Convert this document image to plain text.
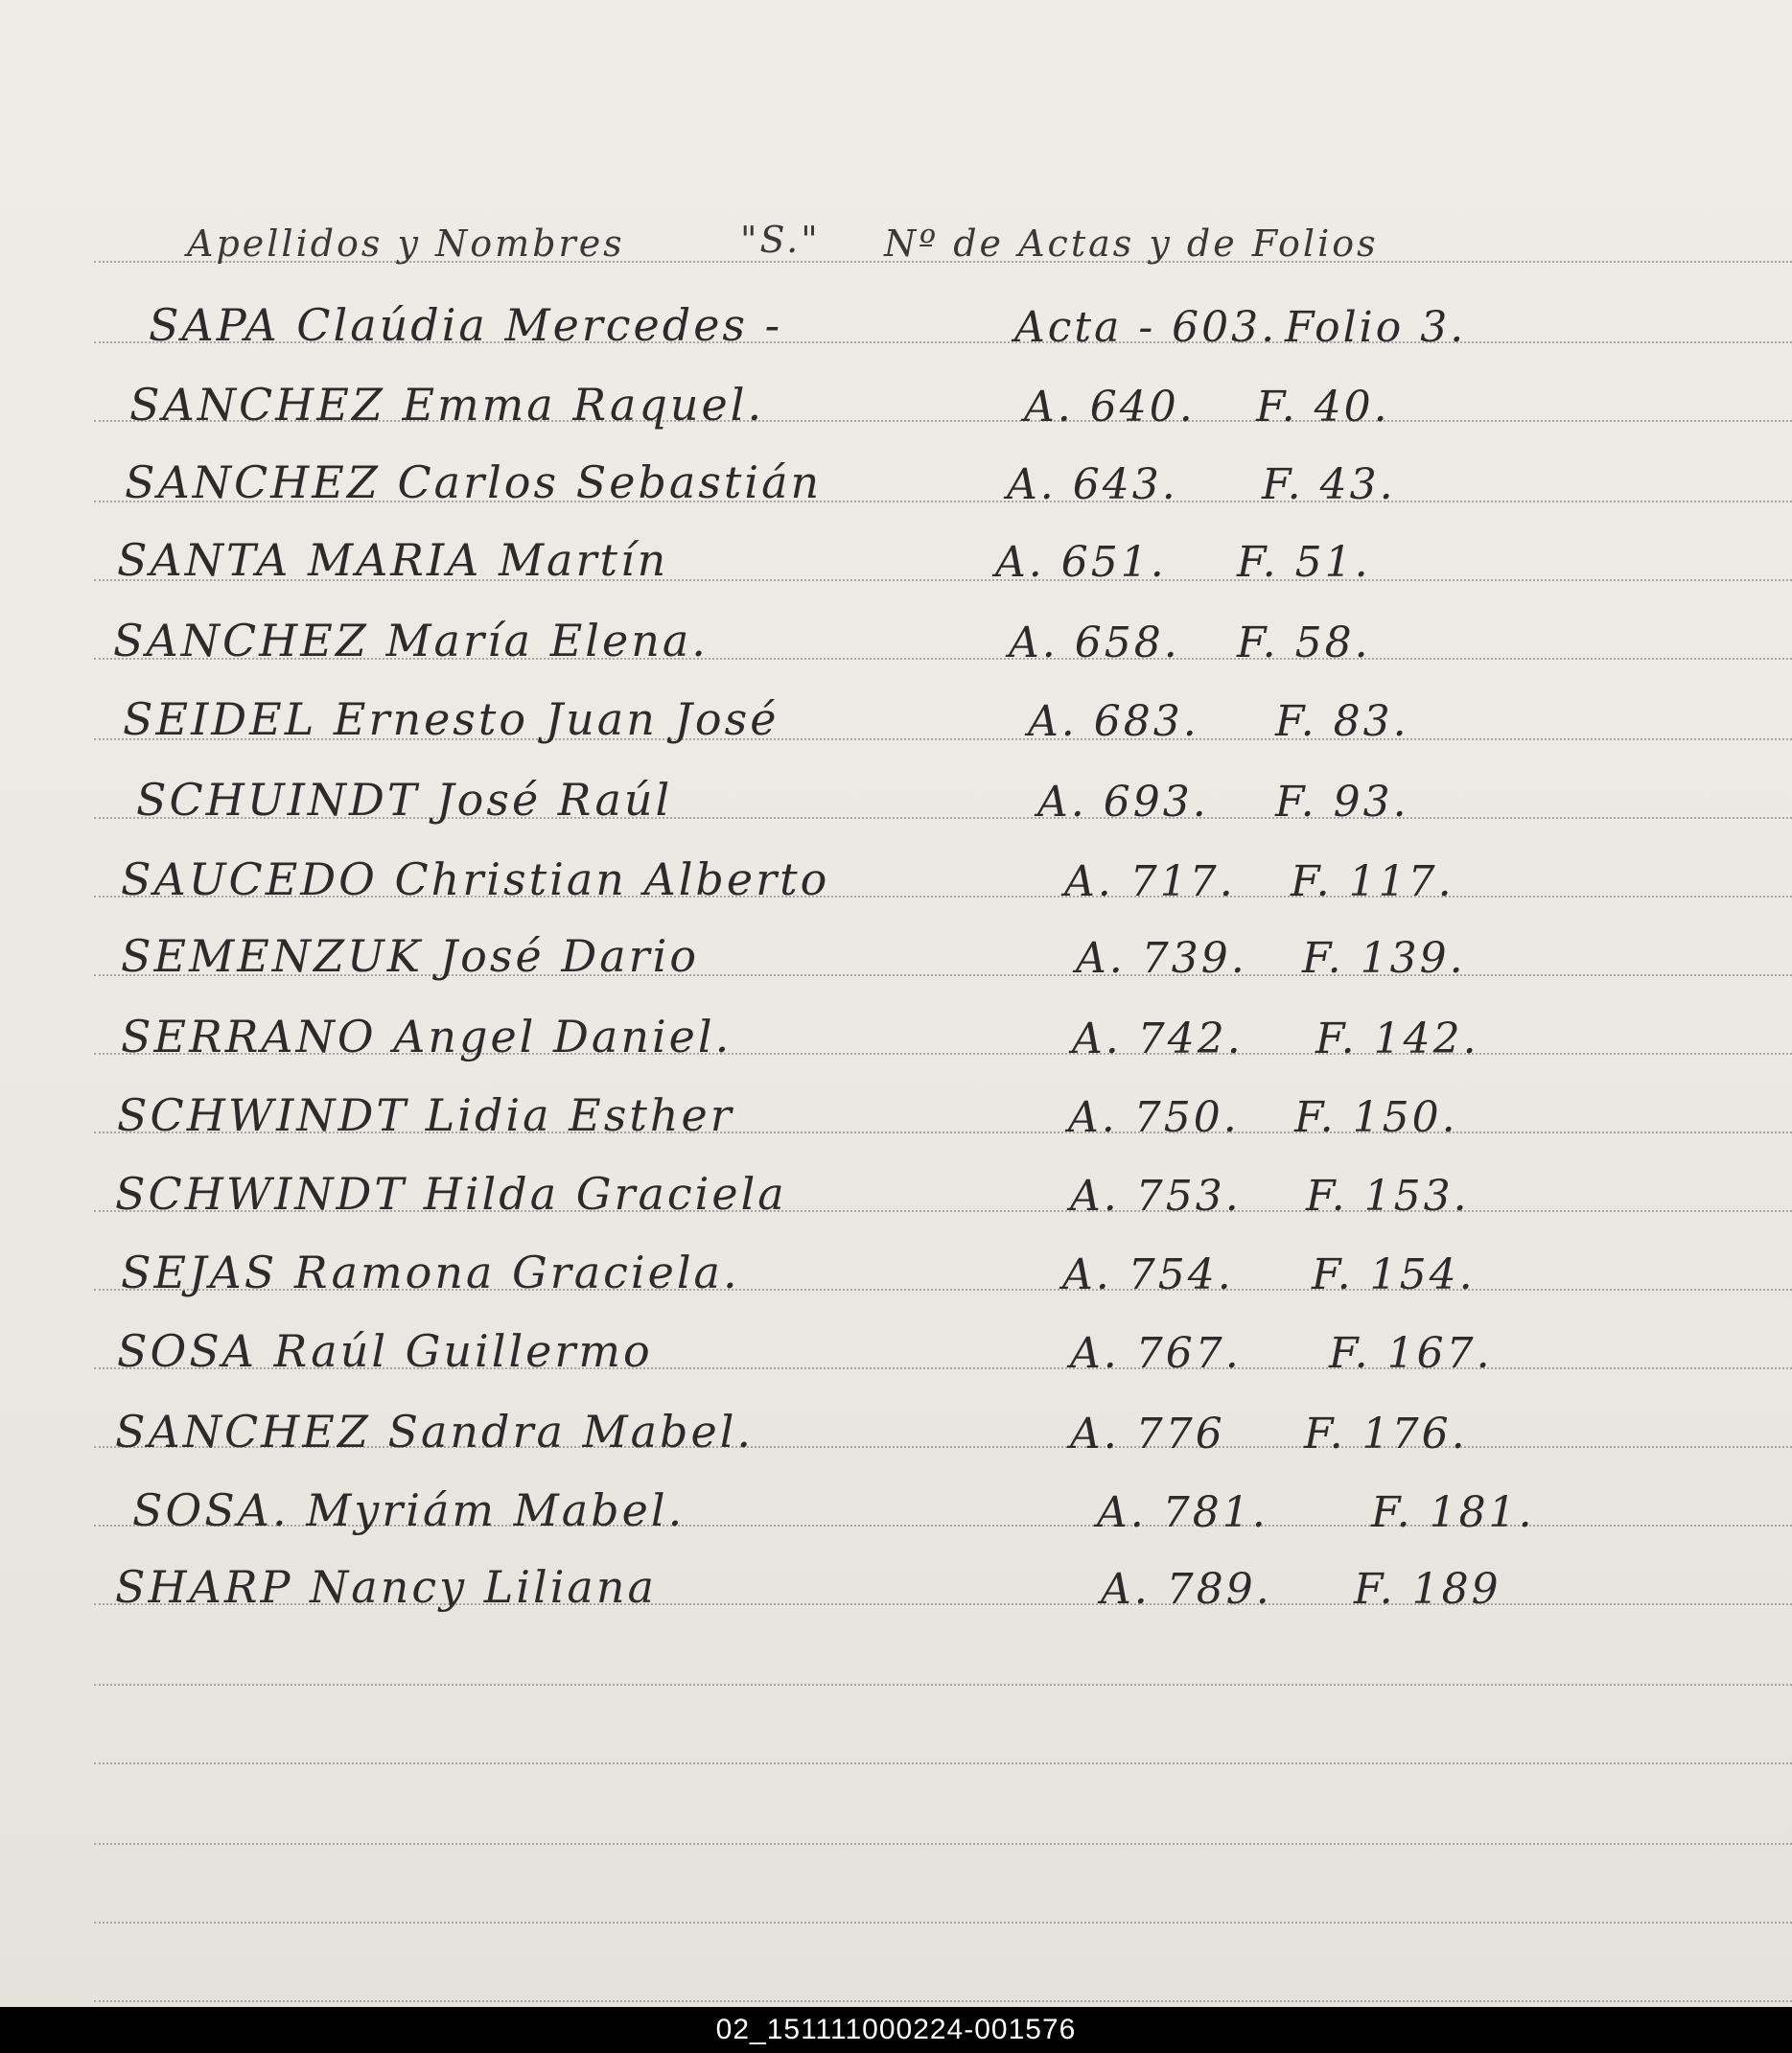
Apellidos y Nombres	"S." Nº de Actas y de Folios
SAPA Claúdia Mercedes -	Acta - 603. Folio 3.
SANCHEZ Emma Raquel.	A. 640. F. 40.
SANCHEZ Carlos Sebastián	A. 643. F. 43.
SANTA MARIA Martín	A. 651. F. 51.
SANCHEZ María Elena.	A. 658. F. 58.
SEIDEL Ernesto Juan José	A. 683. F. 83.
SCHUINDT José Raúl	A. 693. F. 93.
SAUCEDO Christian Alberto	A. 717. F. 117.
SEMENZUK José Dario	A. 739. F. 139.
SERRANO Angel Daniel.	A. 742. F. 142.
SCHWINDT Lidia Esther	A. 750. F. 150.
SCHWINDT Hilda Graciela	A. 753. F. 153.
SEJAS Ramona Graciela.	A. 754. F. 154.
SOSA Raúl Guillermo	A. 767. F. 167.
SANCHEZ Sandra Mabel.	A. 776 F. 176.
SOSA. Myriám Mabel.	A. 781. F. 181.
SHARP Nancy Liliana	A. 789. F. 189
02_151111000224-001576
